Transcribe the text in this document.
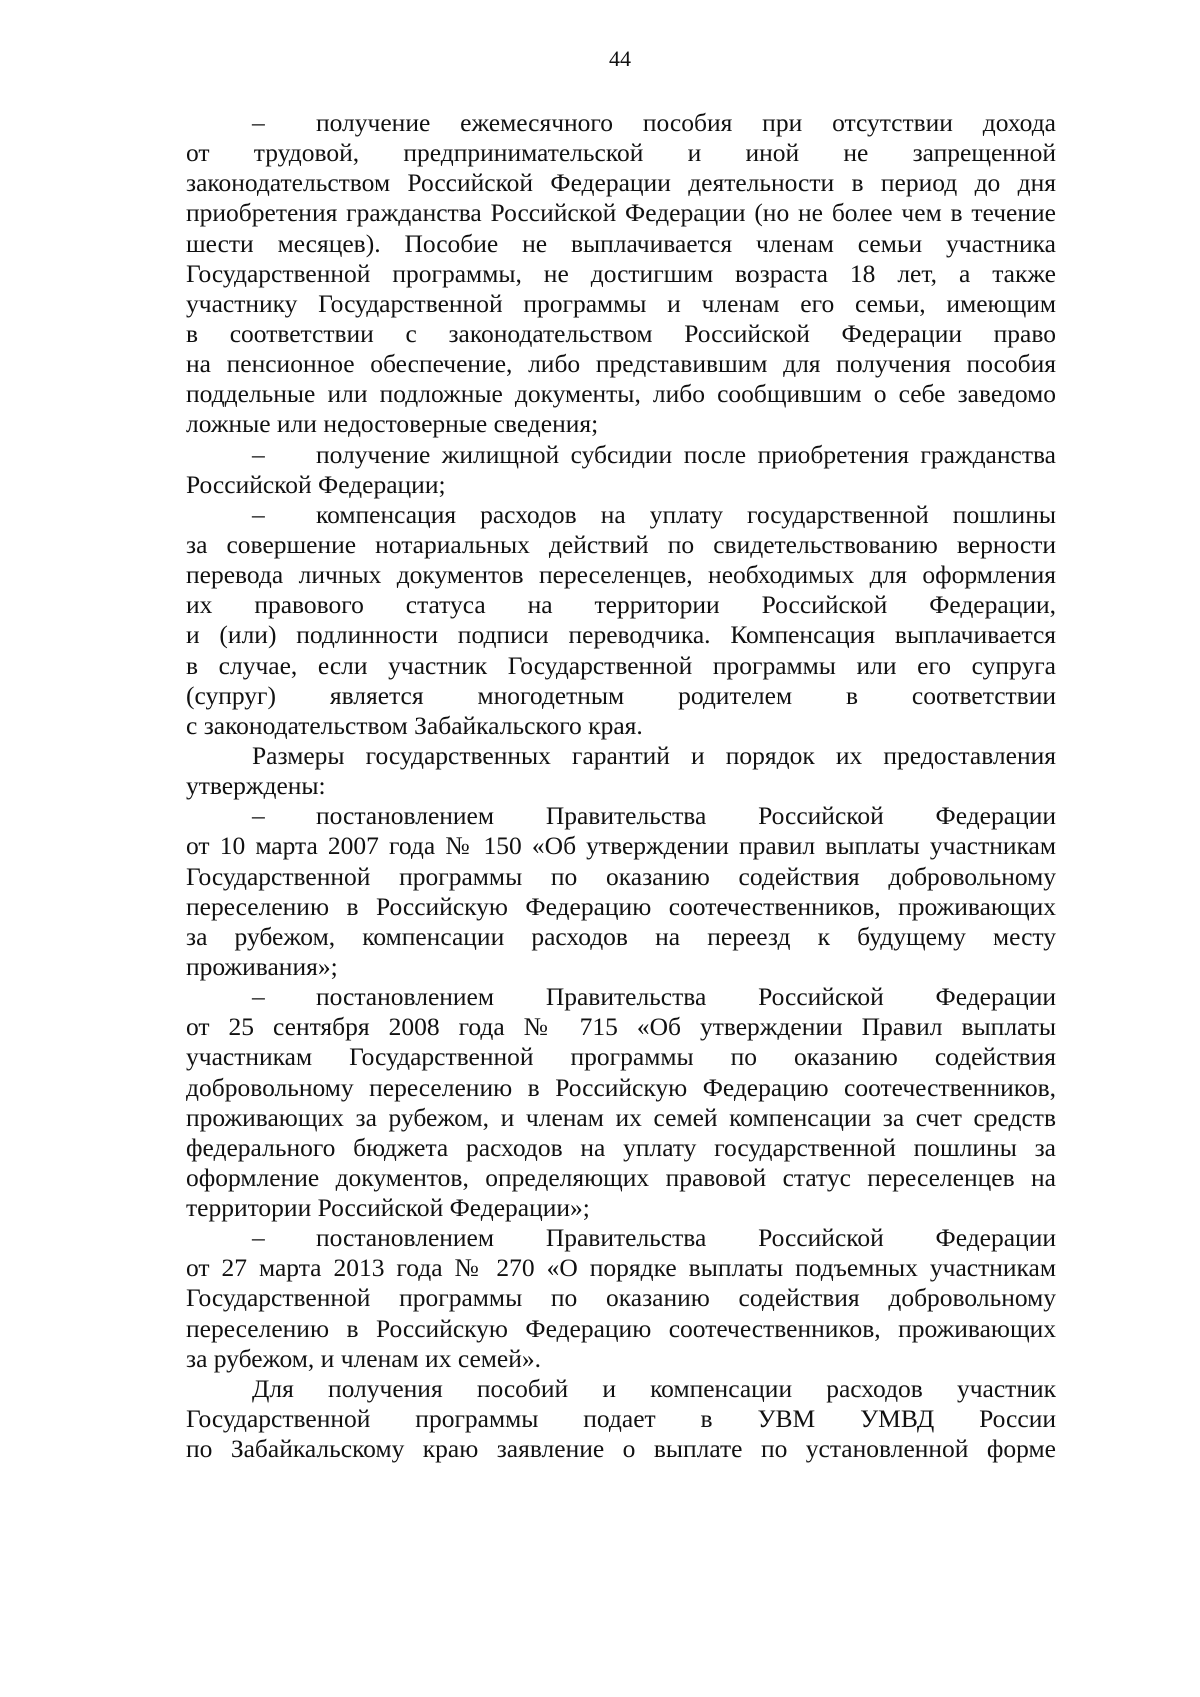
44
–	получение ежемесячного пособия при отсутствии дохода
от трудовой, предпринимательской и иной не запрещенной
законодательством Российской Федерации деятельности в период до дня
приобретения гражданства Российской Федерации (но не более чем в течение
шести месяцев). Пособие не выплачивается членам семьи участника
Государственной программы, не достигшим возраста 18 лет, а также
участнику Государственной программы и членам его семьи, имеющим
в соответствии с законодательством Российской Федерации право
на пенсионное обеспечение, либо представившим для получения пособия
поддельные или подложные документы, либо сообщившим о себе заведомо
ложные или недостоверные сведения;
–	получение жилищной субсидии после приобретения гражданства
Российской Федерации;
–	компенсация расходов на уплату государственной пошлины
за совершение нотариальных действий по свидетельствованию верности
перевода личных документов переселенцев, необходимых для оформления
их правового статуса на территории Российской Федерации,
и (или) подлинности подписи переводчика. Компенсация выплачивается
в случае, если участник Государственной программы или его супруга
(супруг) является многодетным родителем в соответствии
с законодательством Забайкальского края.
Размеры государственных гарантий и порядок их предоставления
утверждены:
–	постановлением Правительства Российской Федерации
от 10 марта 2007 года № 150 «Об утверждении правил выплаты участникам
Государственной программы по оказанию содействия добровольному
переселению в Российскую Федерацию соотечественников, проживающих
за рубежом, компенсации расходов на переезд к будущему месту
проживания»;
–	постановлением Правительства Российской Федерации
от 25 сентября 2008 года № 715 «Об утверждении Правил выплаты
участникам Государственной программы по оказанию содействия
добровольному переселению в Российскую Федерацию соотечественников,
проживающих за рубежом, и членам их семей компенсации за счет средств
федерального бюджета расходов на уплату государственной пошлины за
оформление документов, определяющих правовой статус переселенцев на
территории Российской Федерации»;
–	постановлением Правительства Российской Федерации
от 27 марта 2013 года № 270 «О порядке выплаты подъемных участникам
Государственной программы по оказанию содействия добровольному
переселению в Российскую Федерацию соотечественников, проживающих
за рубежом, и членам их семей».
Для получения пособий и компенсации расходов участник
Государственной программы подает в УВМ УМВД России
по Забайкальскому краю заявление о выплате по установленной форме
